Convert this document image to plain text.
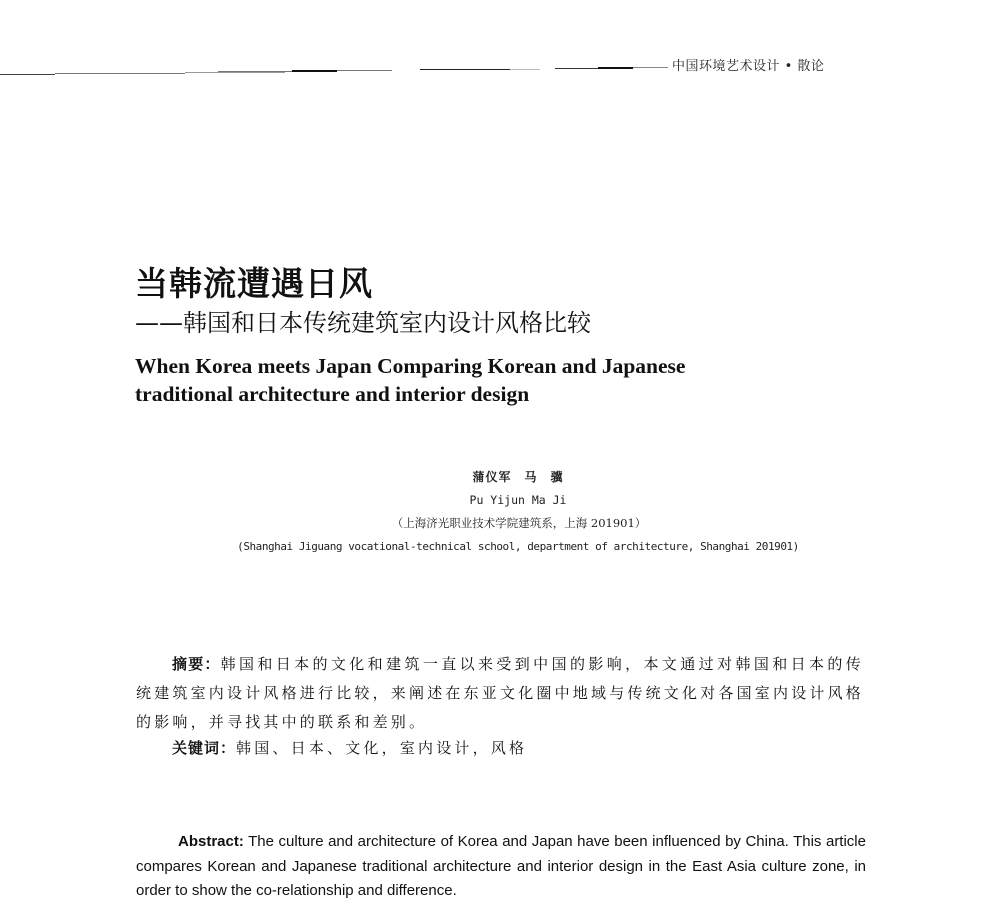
中国环境艺术设计 • 散论
当韩流遭遇日风
——韩国和日本传统建筑室内设计风格比较
When Korea meets Japan Comparing Korean and Japanese
traditional architecture and interior design
蒲仪军　马　骥
Pu Yijun Ma Ji
（上海济光职业技术学院建筑系，上海 201901）
(Shanghai Jiguang vocational-technical school, department of architecture, Shanghai 201901)
摘要：韩国和日本的文化和建筑一直以来受到中国的影响，本文通过对韩国和日本的传统建筑室内设计风格进行比较，来阐述在东亚文化圈中地域与传统文化对各国室内设计风格的影响，并寻找其中的联系和差别。
关键词：韩国、日本、文化，室内设计，风格
Abstract: The culture and architecture of Korea and Japan have been influenced by China. This article compares Korean and Japanese traditional architecture and interior design in the East Asia culture zone, in order to show the co-relationship and difference.
